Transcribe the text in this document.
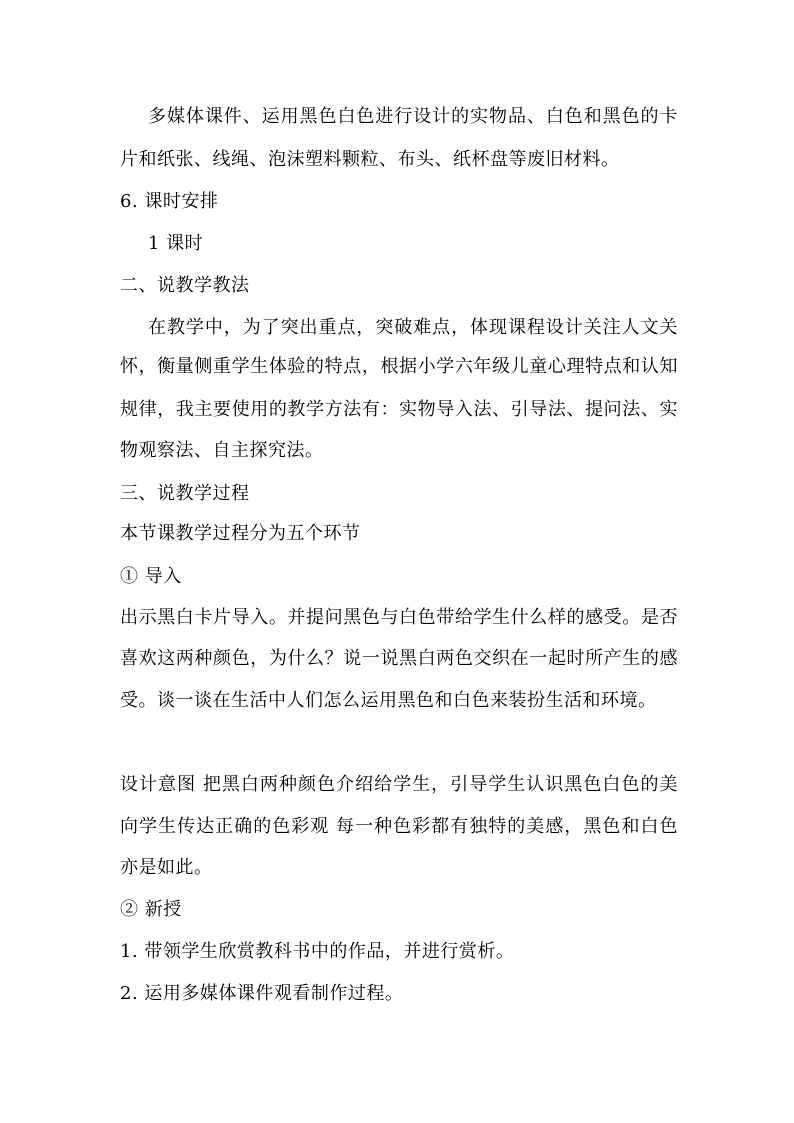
多媒体课件、运用黑色白色进行设计的实物品、白色和黑色的卡
片和纸张、线绳、泡沫塑料颗粒、布头、纸杯盘等废旧材料。
6. 课时安排
1 课时
二、说教学教法
在教学中，为了突出重点，突破难点，体现课程设计关注人文关
怀，衡量侧重学生体验的特点，根据小学六年级儿童心理特点和认知
规律，我主要使用的教学方法有：实物导入法、引导法、提问法、实
物观察法、自主探究法。
三、说教学过程
本节课教学过程分为五个环节
① 导入
出示黑白卡片导入。并提问黑色与白色带给学生什么样的感受。是否
喜欢这两种颜色，为什么？说一说黑白两色交织在一起时所产生的感
受。谈一谈在生活中人们怎么运用黑色和白色来装扮生活和环境。
设计意图 把黑白两种颜色介绍给学生，引导学生认识黑色白色的美
向学生传达正确的色彩观 每一种色彩都有独特的美感，黑色和白色
亦是如此。
② 新授
1. 带领学生欣赏教科书中的作品，并进行赏析。
2. 运用多媒体课件观看制作过程。
